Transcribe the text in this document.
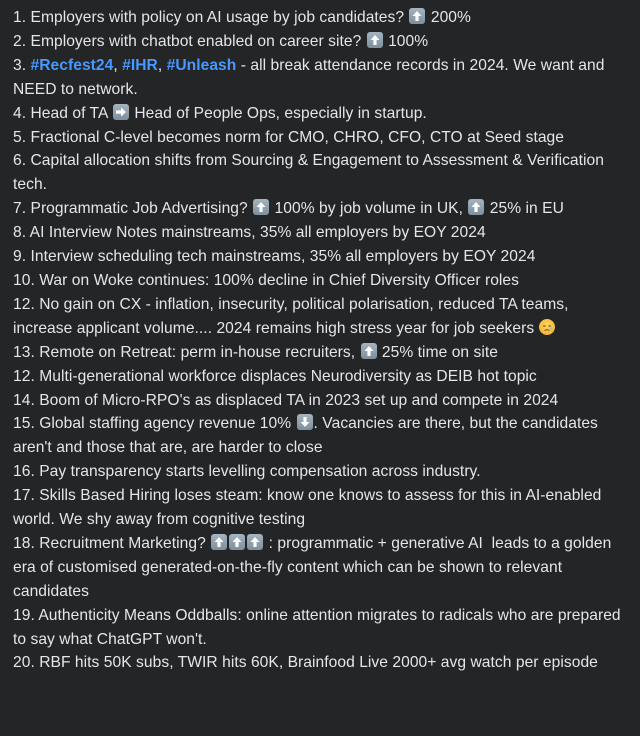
1. Employers with policy on AI usage by job candidates?
200%
2. Employers with chatbot enabled on career site?
100%
3. #Recfest24, #IHR, #Unleash - all break attendance records in 2024. We want and NEED to network.
4. Head of TA
Head of People Ops, especially in startup.
5. Fractional C-level becomes norm for CMO, CHRO, CFO, CTO at Seed stage
6. Capital allocation shifts from Sourcing & Engagement to Assessment & Verification tech.
7. Programmatic Job Advertising?
100% by job volume in UK,
25% in EU
8. AI Interview Notes mainstreams, 35% all employers by EOY 2024
9. Interview scheduling tech mainstreams, 35% all employers by EOY 2024
10. War on Woke continues: 100% decline in Chief Diversity Officer roles
12. No gain on CX - inflation, insecurity, political polarisation, reduced TA teams, increase applicant volume.... 2024 remains high stress year for job seekers
13. Remote on Retreat: perm in-house recruiters,
25% time on site
12. Multi-generational workforce displaces Neurodiversity as DEIB hot topic
14. Boom of Micro-RPO's as displaced TA in 2023 set up and compete in 2024
15. Global staffing agency revenue 10%
. Vacancies are there, but the candidates aren't and those that are, are harder to close
16. Pay transparency starts levelling compensation across industry.
17. Skills Based Hiring loses steam: know one knows to assess for this in AI-enabled world. We shy away from cognitive testing
18. Recruitment Marketing?	: programmatic + generative AI  leads to a golden era of customised generated-on-the-fly content which can be shown to relevant candidates
19. Authenticity Means Oddballs: online attention migrates to radicals who are prepared to say what ChatGPT won't.
20. RBF hits 50K subs, TWIR hits 60K, Brainfood Live 2000+ avg watch per episode
